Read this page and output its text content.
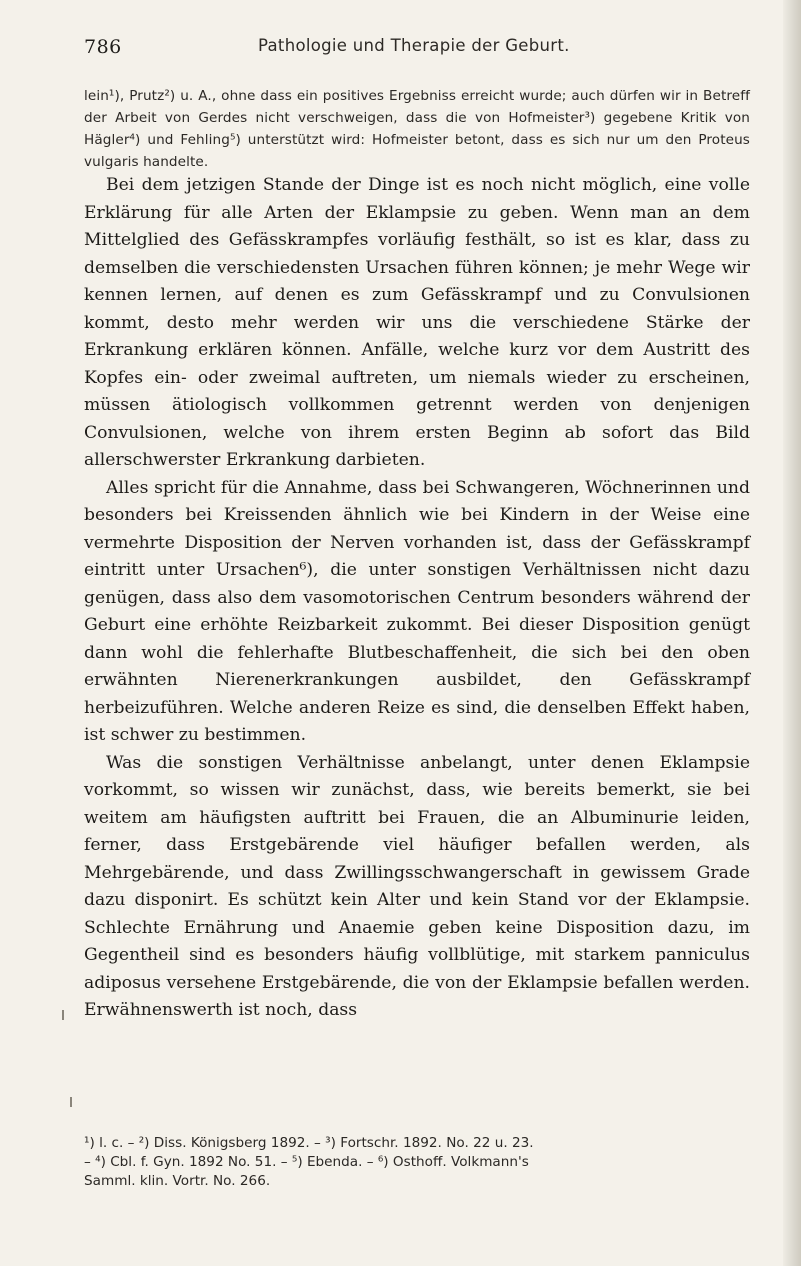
786	Pathologie und Therapie der Geburt.

lein¹), Prutz²) u. A., ohne dass ein positives Ergebniss erreicht wurde; auch dürfen wir in Betreff der Arbeit von Gerdes nicht verschweigen, dass die von Hofmeister³) gegebene Kritik von Hägler⁴) und Fehling⁵) unterstützt wird: Hofmeister betont, dass es sich nur um den Proteus vulgaris handelte.

Bei dem jetzigen Stande der Dinge ist es noch nicht möglich, eine volle Erklärung für alle Arten der Eklampsie zu geben. Wenn man an dem Mittelglied des Gefässkrampfes vorläufig festhält, so ist es klar, dass zu demselben die verschiedensten Ursachen führen können; je mehr Wege wir kennen lernen, auf denen es zum Gefässkrampf und zu Convulsionen kommt, desto mehr werden wir uns die verschiedene Stärke der Erkrankung erklären können. Anfälle, welche kurz vor dem Austritt des Kopfes ein- oder zweimal auftreten, um niemals wieder zu erscheinen, müssen ätiologisch vollkommen getrennt werden von denjenigen Convulsionen, welche von ihrem ersten Beginn ab sofort das Bild allerschwerster Erkrankung darbieten.

Alles spricht für die Annahme, dass bei Schwangeren, Wöchnerinnen und besonders bei Kreissenden ähnlich wie bei Kindern in der Weise eine vermehrte Disposition der Nerven vorhanden ist, dass der Gefässkrampf eintritt unter Ursachen⁶), die unter sonstigen Verhältnissen nicht dazu genügen, dass also dem vasomotorischen Centrum besonders während der Geburt eine erhöhte Reizbarkeit zukommt. Bei dieser Disposition genügt dann wohl die fehlerhafte Blutbeschaffenheit, die sich bei den oben erwähnten Nierenerkrankungen ausbildet, den Gefässkrampf herbeizuführen. Welche anderen Reize es sind, die denselben Effekt haben, ist schwer zu bestimmen.

Was die sonstigen Verhältnisse anbelangt, unter denen Eklampsie vorkommt, so wissen wir zunächst, dass, wie bereits bemerkt, sie bei weitem am häufigsten auftritt bei Frauen, die an Albuminurie leiden, ferner, dass Erstgebärende viel häufiger befallen werden, als Mehrgebärende, und dass Zwillingsschwangerschaft in gewissem Grade dazu disponirt. Es schützt kein Alter und kein Stand vor der Eklampsie. Schlechte Ernährung und Anaemie geben keine Disposition dazu, im Gegentheil sind es besonders häufig vollblütige, mit starkem panniculus adiposus versehene Erstgebärende, die von der Eklampsie befallen werden. Erwähnenswerth ist noch, dass

¹) l. c. – ²) Diss. Königsberg 1892. – ³) Fortschr. 1892. No. 22 u. 23.

– ⁴) Cbl. f. Gyn. 1892 No. 51. – ⁵) Ebenda. – ⁶) Osthoff. Volkmann's

Samml. klin. Vortr. No. 266.
